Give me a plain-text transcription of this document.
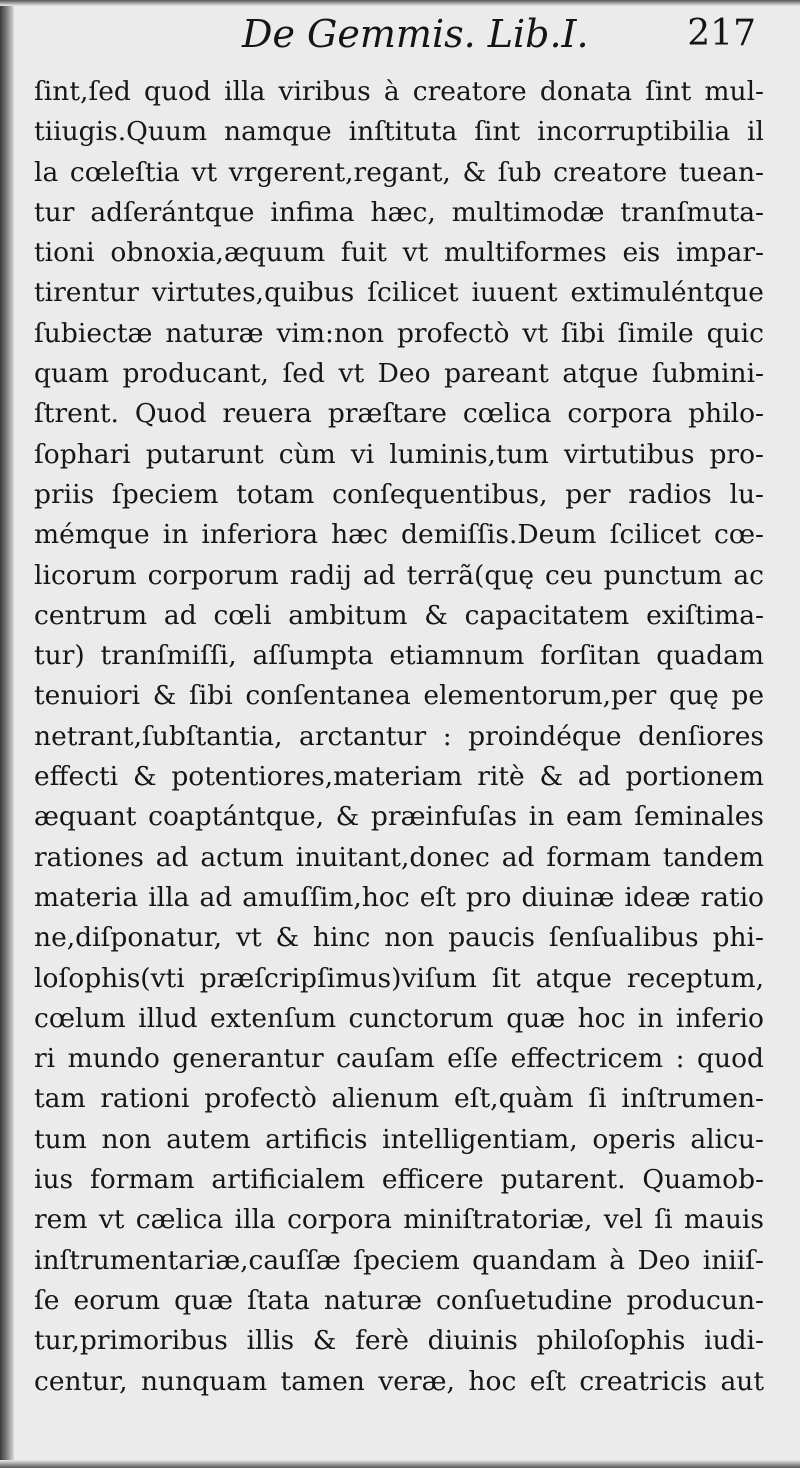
De Gemmis. Lib.I.	217
ſint,ſed quod illa viribus à creatore donata ſint mul-
tiiugis.Quum namque inſtituta ſint incorruptibilia il
la cœleſtia vt vrgerent,regant, & ſub creatore tuean-
tur adſerántque infima hæc, multimodæ tranſmuta-
tioni obnoxia,æquum fuit vt multiformes eis impar-
tirentur virtutes,quibus ſcilicet iuuent extimuléntque
ſubiectæ naturæ vim:non profectò vt ſibi ſimile quic
quam producant, ſed vt Deo pareant atque ſubmini-
ſtrent. Quod reuera præſtare cœlica corpora philo-
ſophari putarunt cùm vi luminis,tum virtutibus pro-
priis ſpeciem totam conſequentibus, per radios lu-
mémque in inferiora hæc demiſſis.Deum ſcilicet cœ-
licorum corporum radij ad terrã(quę ceu punctum ac
centrum ad cœli ambitum & capacitatem exiſtima-
tur) tranſmiſſi, aſſumpta etiamnum forſitan quadam
tenuiori & ſibi conſentanea elementorum,per quę pe
netrant,ſubſtantia, arctantur : proindéque denſiores
effecti & potentiores,materiam ritè & ad portionem
æquant coaptántque, & præinfuſas in eam ſeminales
rationes ad actum inuitant,donec ad formam tandem
materia illa ad amuſſim,hoc eſt pro diuinæ ideæ ratio
ne,diſponatur, vt & hinc non paucis ſenſualibus phi-
loſophis(vti præſcripſimus)viſum ſit atque receptum,
cœlum illud extenſum cunctorum quæ hoc in inferio
ri mundo generantur cauſam eſſe effectricem : quod
tam rationi profectò alienum eſt,quàm ſi inſtrumen-
tum non autem artificis intelligentiam, operis alicu-
ius formam artificialem efficere putarent. Quamob-
rem vt cælica illa corpora miniſtratoriæ, vel ſi mauis
inſtrumentariæ,cauſſæ ſpeciem quandam à Deo iniiſ-
ſe eorum quæ ſtata naturæ conſuetudine producun-
tur,primoribus illis & ferè diuinis philoſophis iudi-
centur, nunquam tamen veræ, hoc eſt creatricis aut
